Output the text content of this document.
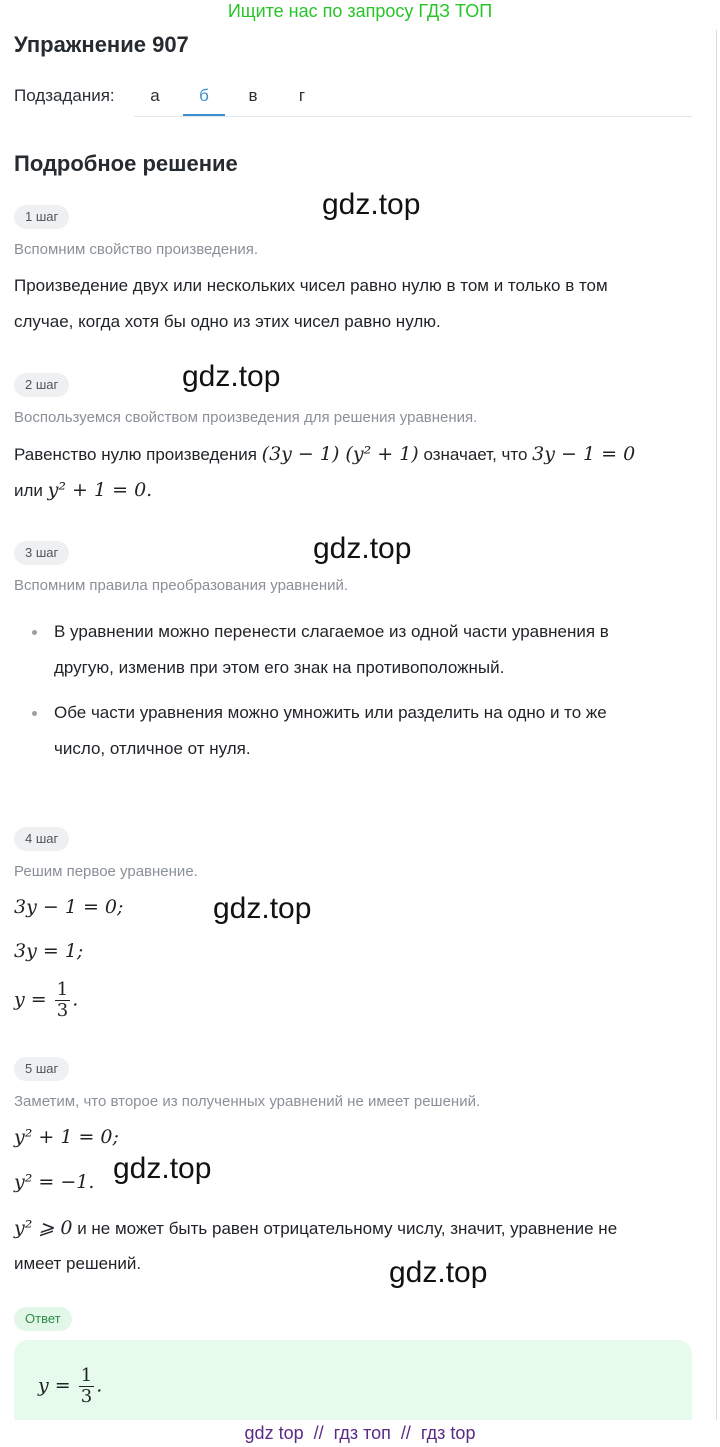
Ищите нас по запросу ГДЗ ТОП
Упражнение 907
Подзадания:	а	б	в	г
Подробное решение
1 шаг	gdz.top
Вспомним свойство произведения.
Произведение двух или нескольких чисел равно нулю в том и только в том
случае, когда хотя бы одно из этих чисел равно нулю.
2 шаг	gdz.top
Воспользуемся свойством произведения для решения уравнения.
Равенство нулю произведения (3y − 1) (y² + 1) означает, что 3y − 1 = 0
или y² + 1 = 0.
3 шаг	gdz.top
Вспомним правила преобразования уравнений.
В уравнении можно перенести слагаемое из одной части уравнения в
другую, изменив при этом его знак на противоположный.
Обе части уравнения можно умножить или разделить на одно и то же
число, отличное от нуля.
4 шаг
Решим первое уравнение.
3y − 1 = 0;	gdz.top
3y = 1;
$y = \frac{1}{3}$ .
5 шаг
Заметим, что второе из полученных уравнений не имеет решений.
y² + 1 = 0;
y² = −1. gdz.top
y² ⩾ 0 и не может быть равен отрицательному числу, значит, уравнение не
имеет решений.	gdz.top
Ответ
$y = \frac{1}{3}$ .
gdz top  //  гдз топ  //  гдз top
